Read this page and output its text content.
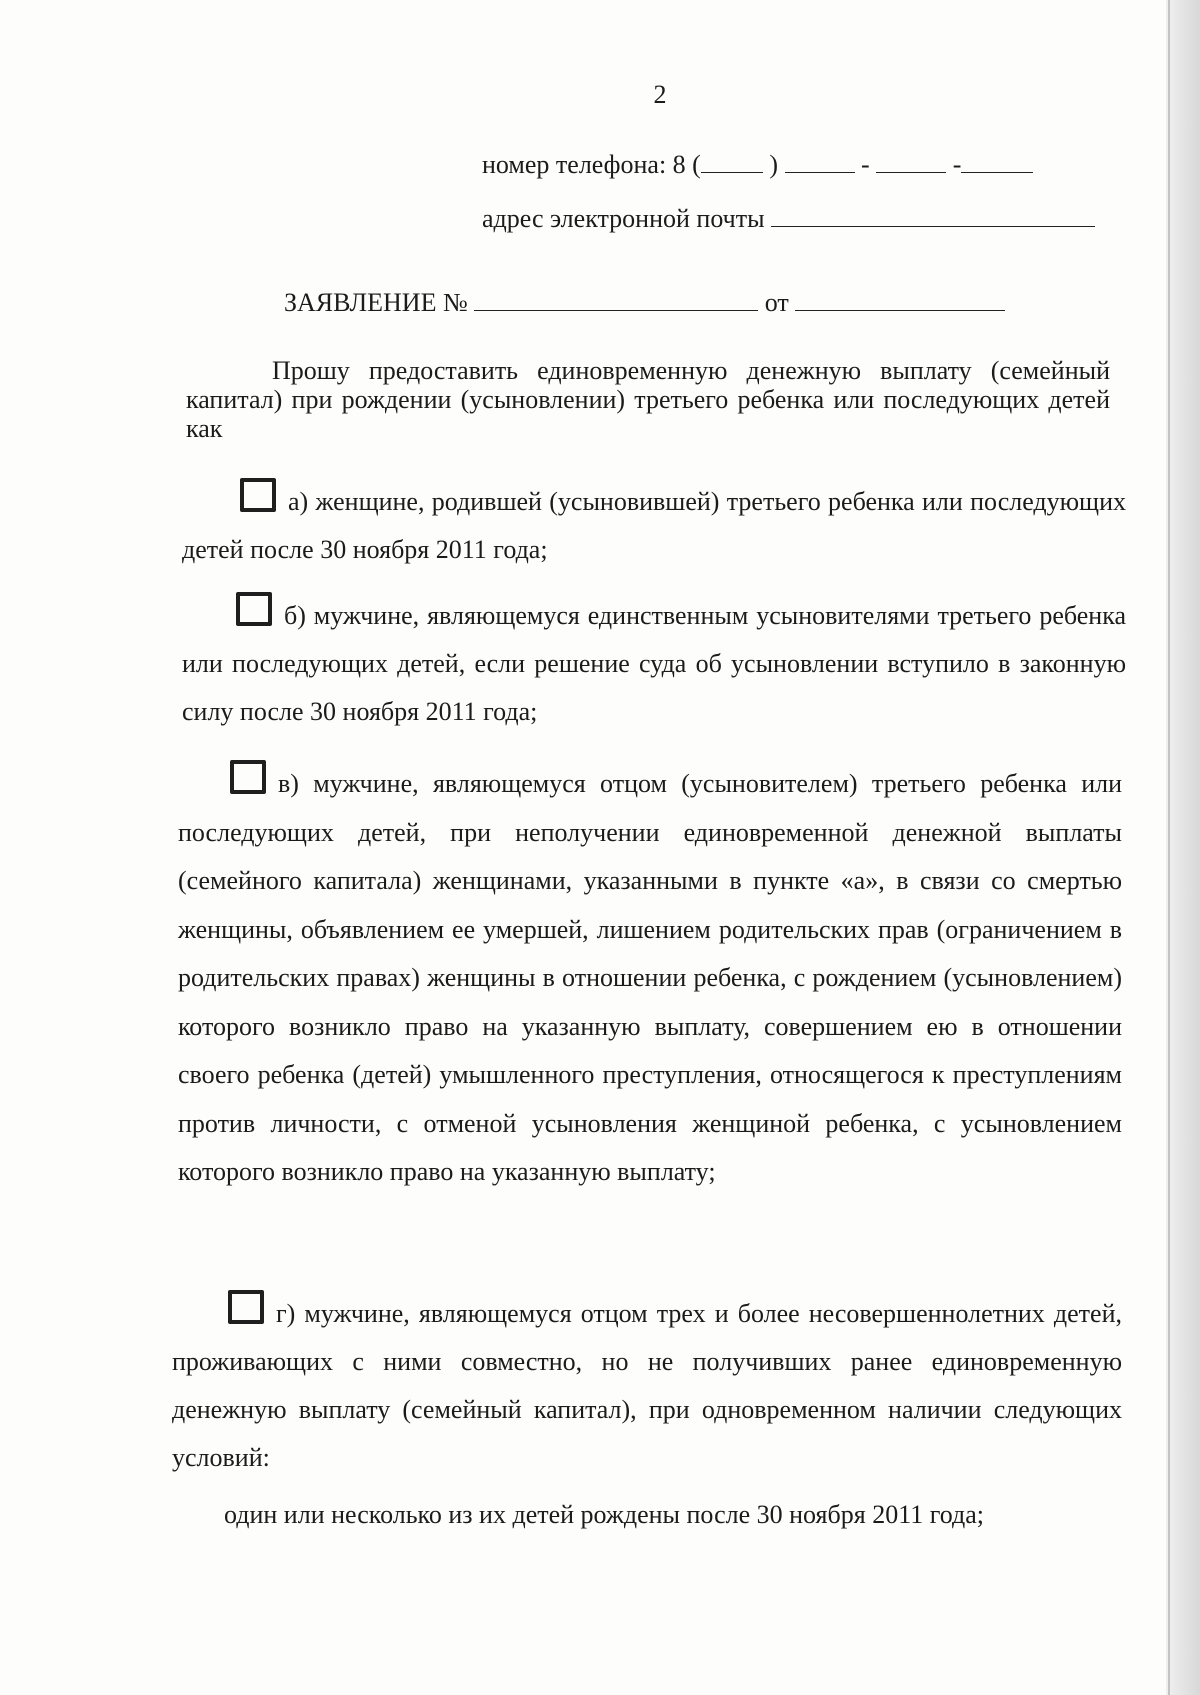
2
номер телефона: 8 (	)	-	-
адрес электронной почты
ЗАЯВЛЕНИЕ №	от
Прошу предоставить единовременную денежную выплату (семейный капитал) при рождении (усыновлении) третьего ребенка или последующих детей как
а) женщине, родившей (усыновившей) третьего ребенка или последующих детей после 30 ноября 2011 года;
б) мужчине, являющемуся единственным усыновителями третьего ребенка или последующих детей, если решение суда об усыновлении вступило в законную силу после 30 ноября 2011 года;
в) мужчине, являющемуся отцом (усыновителем) третьего ребенка или последующих детей, при неполучении единовременной денежной выплаты (семейного капитала) женщинами, указанными в пункте «а», в связи со смертью женщины, объявлением ее умершей, лишением родительских прав (ограничением в родительских правах) женщины в отношении ребенка, с рождением (усыновлением) которого возникло право на указанную выплату, совершением ею в отношении своего ребенка (детей) умышленного преступления, относящегося к преступлениям против личности, с отменой усыновления женщиной ребенка, с усыновлением которого возникло право на указанную выплату;
г) мужчине, являющемуся отцом трех и более несовершеннолетних детей, проживающих с ними совместно, но не получивших ранее единовременную денежную выплату (семейный капитал), при одновременном наличии следующих условий:
один или несколько из их детей рождены после 30 ноября 2011 года;
